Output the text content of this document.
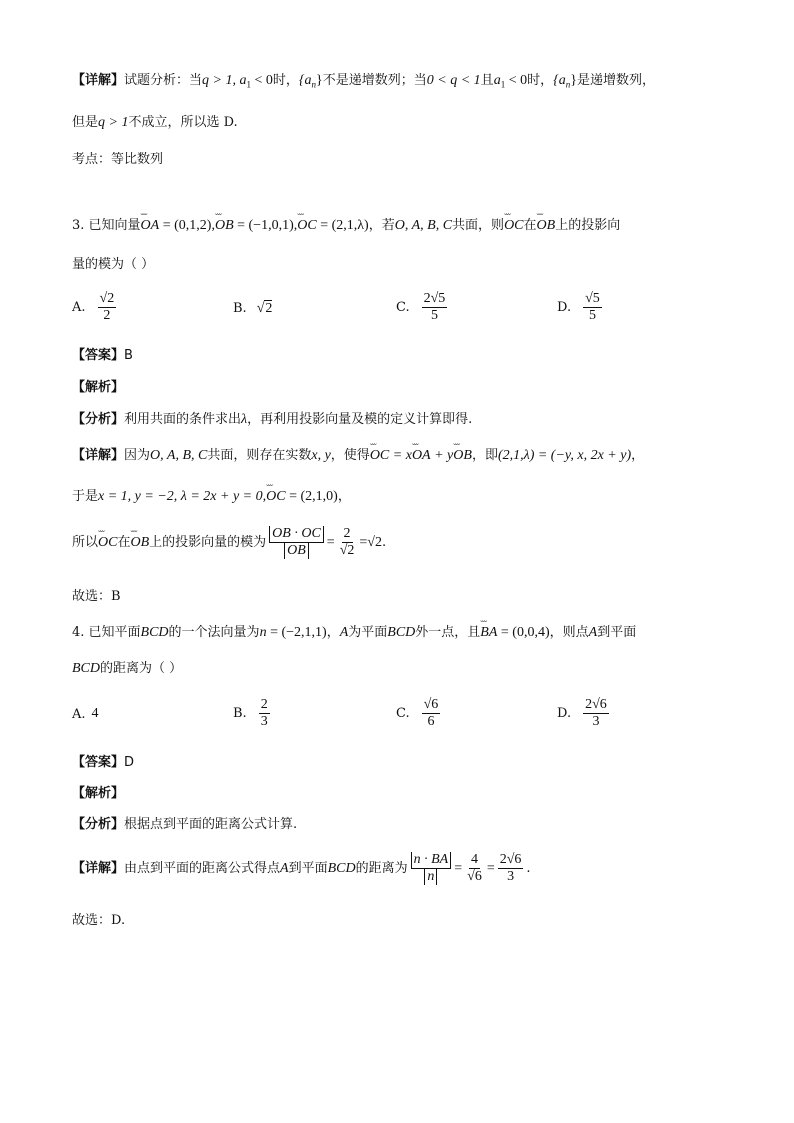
【详解】试题分析：当q > 1, $a_1 < 0$时，$\{a_n\}$不是递增数列；当0 < q < 1且$a_1 < 0$时，$\{a_n\}$是递增数列，
但是q > 1不成立，所以选 D.
考点：等比数列
3. 已知向量˘˘˘ OA = (0,1,2),˘˘˘ OB = (−1,0,1),˘˘˘ OC = (2,1,λ)，若O, A, B, C共面，则˘˘˘ OC在˘˘˘ OB上的投影向
量的模为（ ）
A. $\frac{√2}{2}$	B. √2	C. $\frac{2√5}{5}$	D. $\frac{√5}{5}$
【答案】B
【解析】
【分析】利用共面的条件求出λ，再利用投影向量及模的定义计算即得.
【详解】因为O, A, B, C共面，则存在实数x, y，使得˘˘˘ OC = x˘˘˘ OA + y˘˘˘ OB，即(2,1,λ) = (−y, x, 2x + y)，
于是x = 1, y = −2, λ = 2x + y = 0,˘˘˘ OC = (2,1,0)，
所以 ˘˘˘ OC 在 ˘˘˘ OB 上的投影向量的模为 $\frac{OB \cdot OC}{OB} = \frac{2}{√2} = √2$ .
故选：B
4. 已知平面BCD的一个法向量为n = (−2,1,1)，A为平面BCD外一点，且˘˘˘ BA = (0,0,4)，则点A到平面
BCD的距离为（ ）
A. 4	B. $\frac{2}{3}$	C. $\frac{√6}{6}$	D. $\frac{2√6}{3}$
【答案】D
【解析】
【分析】根据点到平面的距离公式计算.
【详解】 由点到平面的距离公式得点 A 到平面 BCD 的距离为 $\frac{n \cdot BA}{n} = \frac{4}{√6} = \frac{2√6}{3}$ .
故选：D.
